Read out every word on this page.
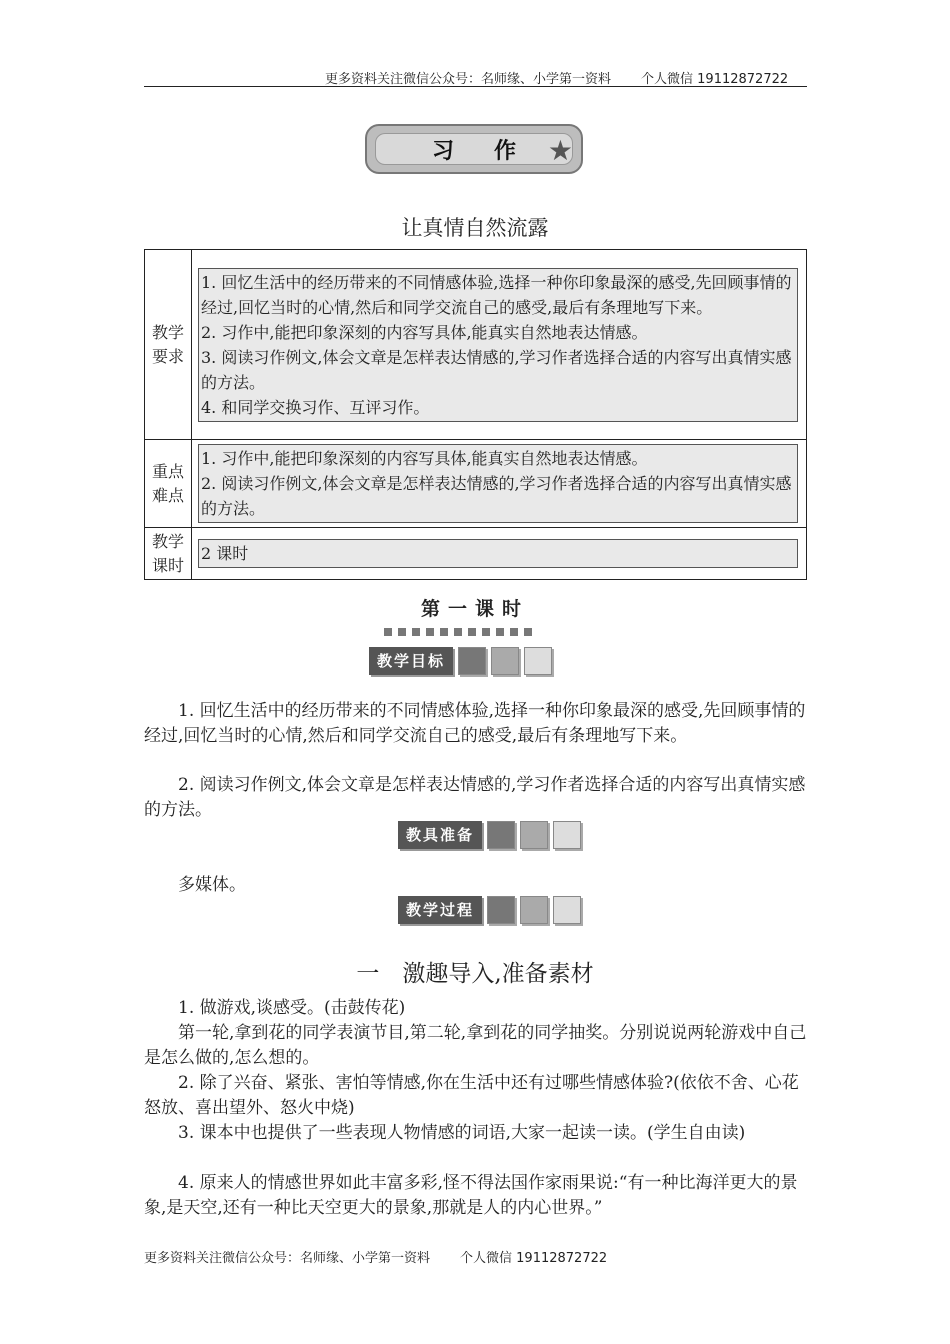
更多资料关注微信公众号：名师缘、小学第一资料 个人微信 19112872722
习作
★
让真情自然流露
教学要求	1. 回忆生活中的经历带来的不同情感体验,选择一种你印象最深的感受,先回顾事情的经过,回忆当时的心情,然后和同学交流自己的感受,最后有条理地写下来。
2. 习作中,能把印象深刻的内容写具体,能真实自然地表达情感。
3. 阅读习作例文,体会文章是怎样表达情感的,学习作者选择合适的内容写出真情实感的方法。
4. 和同学交换习作、互评习作。

重点难点	1. 习作中,能把印象深刻的内容写具体,能真实自然地表达情感。
2. 阅读习作例文,体会文章是怎样表达情感的,学习作者选择合适的内容写出真情实感的方法。

教学课时	2 课时
第一课时
教学目标
1. 回忆生活中的经历带来的不同情感体验,选择一种你印象最深的感受,先回顾事情的经过,回忆当时的心情,然后和同学交流自己的感受,最后有条理地写下来。
2. 阅读习作例文,体会文章是怎样表达情感的,学习作者选择合适的内容写出真情实感的方法。
教具准备
多媒体。
教学过程
一　激趣导入,准备素材
1. 做游戏,谈感受。(击鼓传花)
第一轮,拿到花的同学表演节目,第二轮,拿到花的同学抽奖。分别说说两轮游戏中自己是怎么做的,怎么想的。
2. 除了兴奋、紧张、害怕等情感,你在生活中还有过哪些情感体验?(依依不舍、心花怒放、喜出望外、怒火中烧)
3. 课本中也提供了一些表现人物情感的词语,大家一起读一读。(学生自由读)
4. 原来人的情感世界如此丰富多彩,怪不得法国作家雨果说:“有一种比海洋更大的景象,是天空,还有一种比天空更大的景象,那就是人的内心世界。”
更多资料关注微信公众号：名师缘、小学第一资料 个人微信 19112872722
